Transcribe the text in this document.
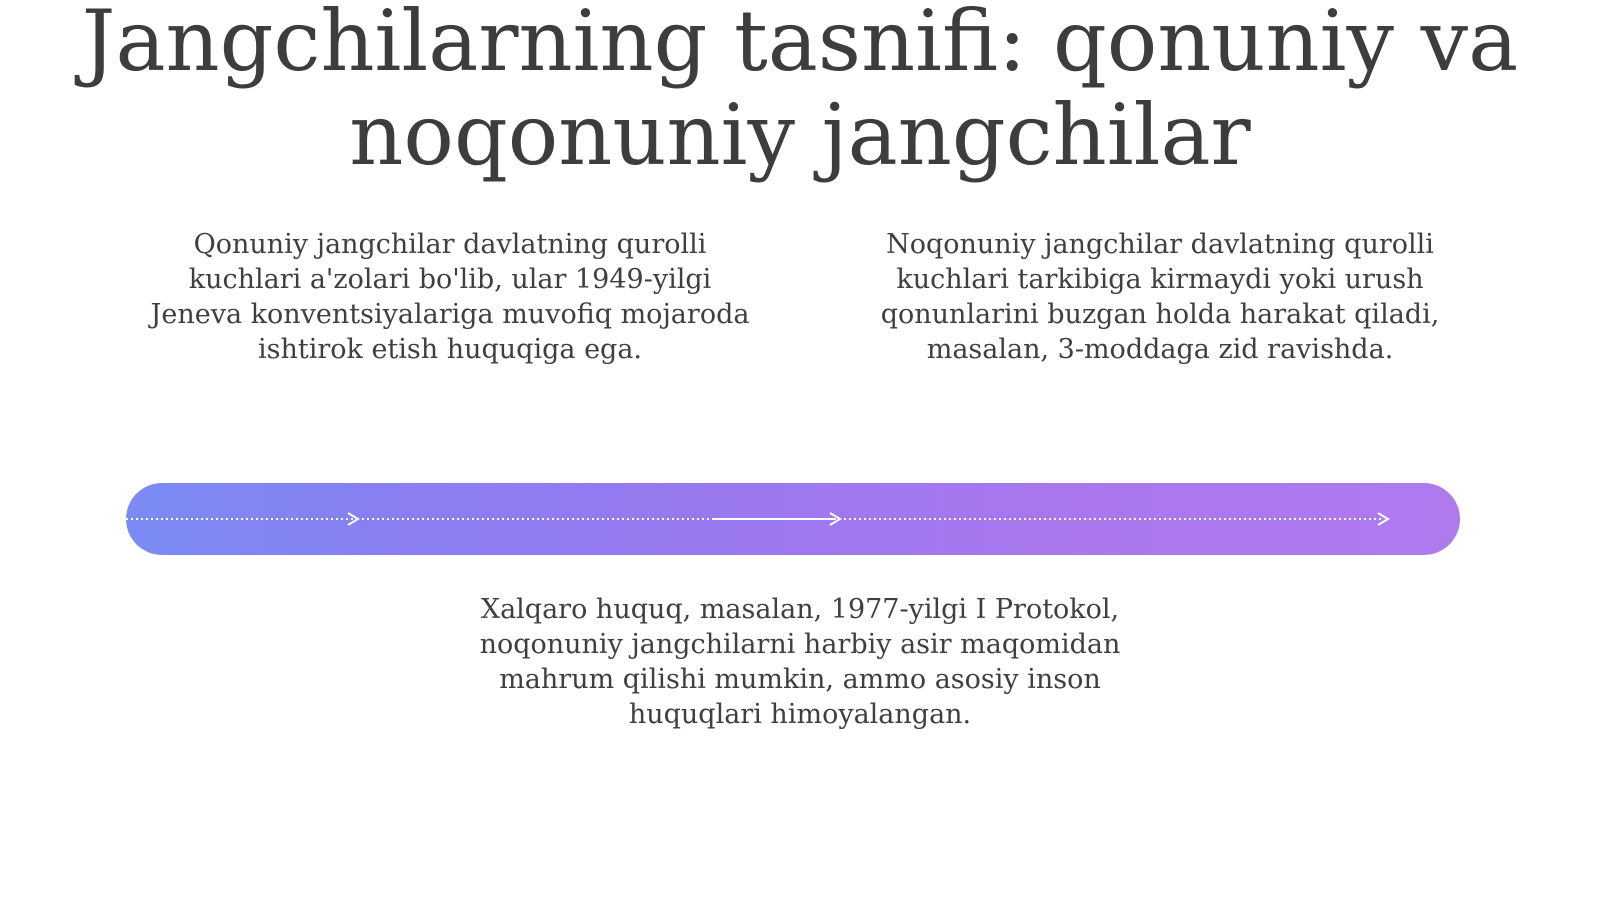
Jangchilarning tasnifi: qonuniy va noqonuniy jangchilar

Qonuniy jangchilar davlatning qurolli kuchlari a'zolari bo'lib, ular 1949-yilgi Jeneva konventsiyalariga muvofiq mojaroda ishtirok etish huquqiga ega.

Noqonuniy jangchilar davlatning qurolli kuchlari tarkibiga kirmaydi yoki urush qonunlarini buzgan holda harakat qiladi, masalan, 3-moddaga zid ravishda.

Xalqaro huquq, masalan, 1977-yilgi I Protokol, noqonuniy jangchilarni harbiy asir maqomidan mahrum qilishi mumkin, ammo asosiy inson huquqlari himoyalangan.
